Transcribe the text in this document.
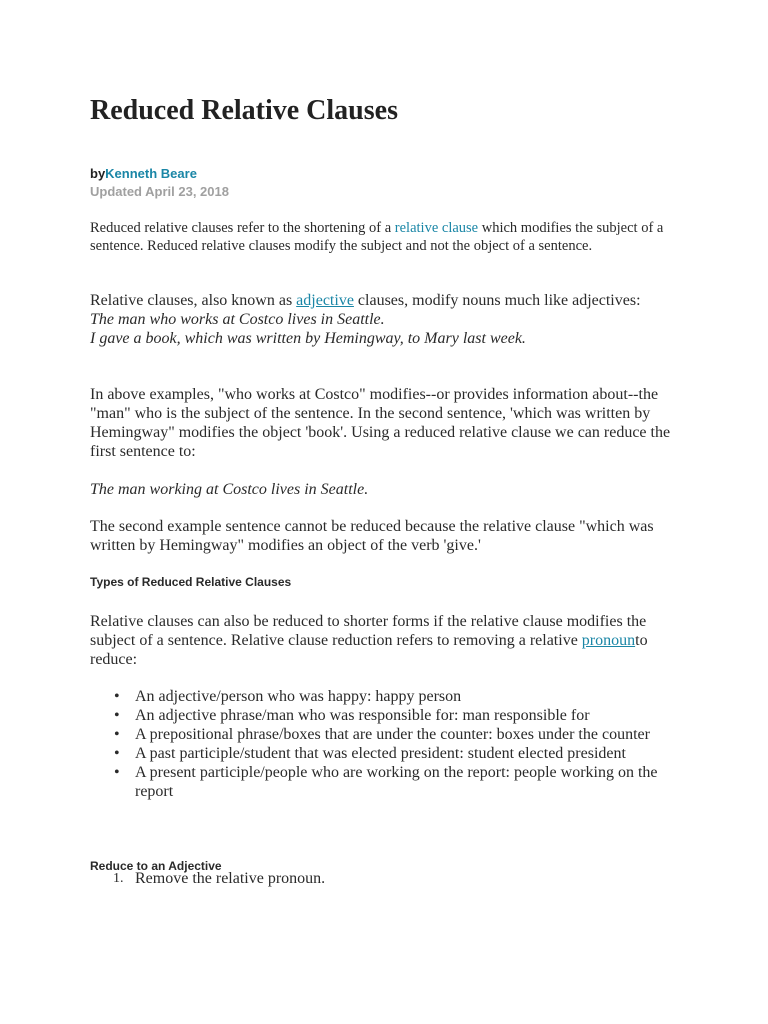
Reduced Relative Clauses
byKenneth Beare
Updated April 23, 2018

Reduced relative clauses refer to the shortening of a relative clause which modifies the subject of a sentence. Reduced relative clauses modify the subject and not the object of a sentence.

Relative clauses, also known as adjective clauses, modify nouns much like adjectives:
The man who works at Costco lives in Seattle.
I gave a book, which was written by Hemingway, to Mary last week.

In above examples, "who works at Costco" modifies--or provides information about--the "man" who is the subject of the sentence. In the second sentence, 'which was written by Hemingway" modifies the object 'book'. Using a reduced relative clause we can reduce the first sentence to:

The man working at Costco lives in Seattle.

The second example sentence cannot be reduced because the relative clause "which was written by Hemingway" modifies an object of the verb 'give.'

Types of Reduced Relative Clauses

Relative clauses can also be reduced to shorter forms if the relative clause modifies the subject of a sentence. Relative clause reduction refers to removing a relative pronounto reduce:

• An adjective/person who was happy: happy person
• An adjective phrase/man who was responsible for: man responsible for
• A prepositional phrase/boxes that are under the counter: boxes under the counter
• A past participle/student that was elected president: student elected president
• A present participle/people who are working on the report: people working on the report
Reduce to an Adjective
1. Remove the relative pronoun.
